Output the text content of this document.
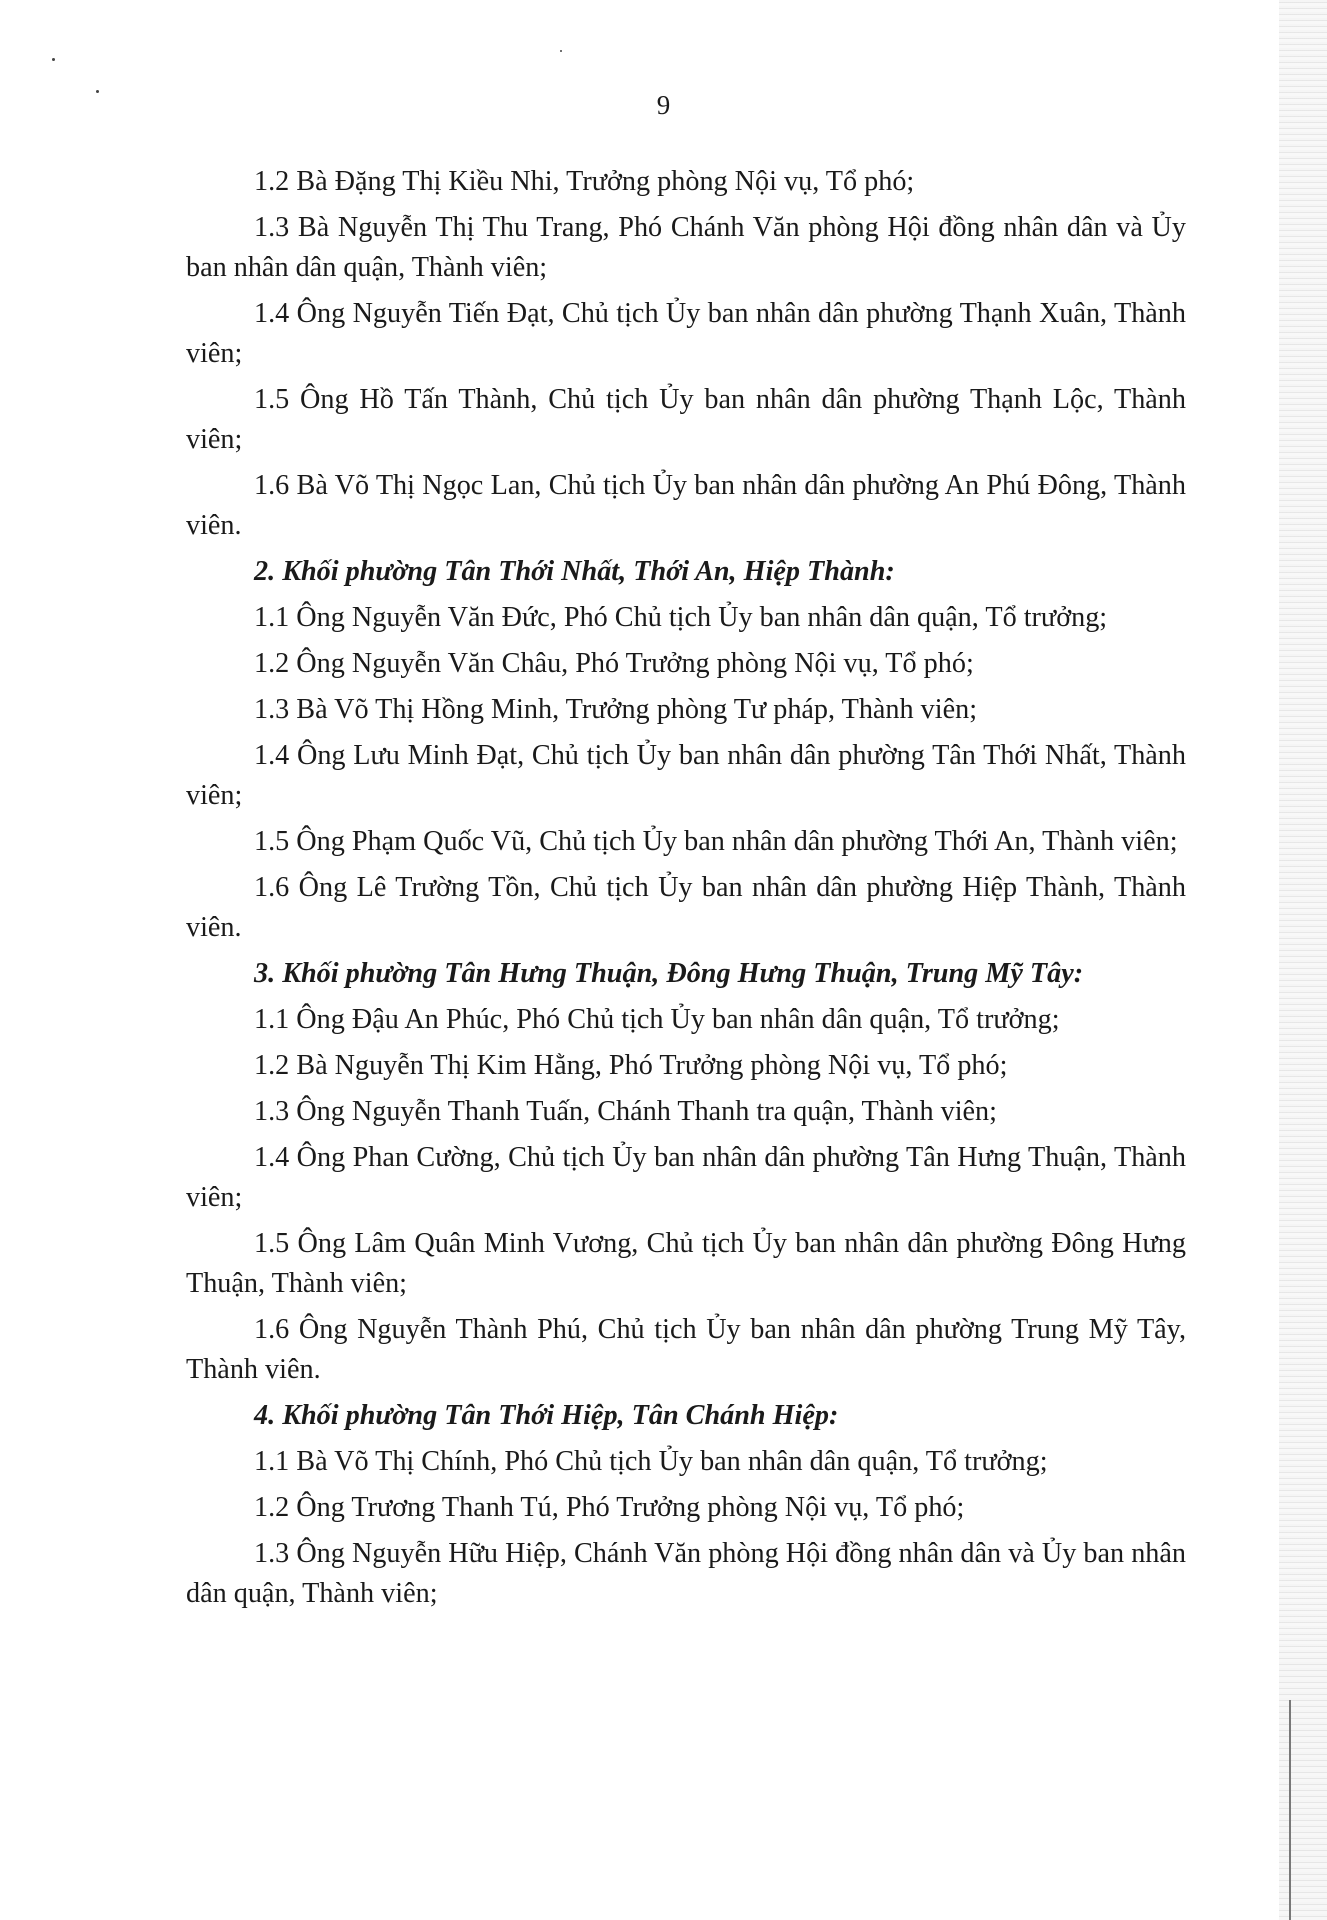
9
1.2 Bà Đặng Thị Kiều Nhi, Trưởng phòng Nội vụ, Tổ phó;
1.3 Bà Nguyễn Thị Thu Trang, Phó Chánh Văn phòng Hội đồng nhân dân và Ủy ban nhân dân quận, Thành viên;
1.4 Ông Nguyễn Tiến Đạt, Chủ tịch Ủy ban nhân dân phường Thạnh Xuân, Thành viên;
1.5 Ông Hồ Tấn Thành, Chủ tịch Ủy ban nhân dân phường Thạnh Lộc, Thành viên;
1.6 Bà Võ Thị Ngọc Lan, Chủ tịch Ủy ban nhân dân phường An Phú Đông, Thành viên.
2. Khối phường Tân Thới Nhất, Thới An, Hiệp Thành:
1.1 Ông Nguyễn Văn Đức, Phó Chủ tịch Ủy ban nhân dân quận, Tổ trưởng;
1.2 Ông Nguyễn Văn Châu, Phó Trưởng phòng Nội vụ, Tổ phó;
1.3 Bà Võ Thị Hồng Minh, Trưởng phòng Tư pháp, Thành viên;
1.4 Ông Lưu Minh Đạt, Chủ tịch Ủy ban nhân dân phường Tân Thới Nhất, Thành viên;
1.5 Ông Phạm Quốc Vũ, Chủ tịch Ủy ban nhân dân phường Thới An, Thành viên;
1.6 Ông Lê Trường Tồn, Chủ tịch Ủy ban nhân dân phường Hiệp Thành, Thành viên.
3. Khối phường Tân Hưng Thuận, Đông Hưng Thuận, Trung Mỹ Tây:
1.1 Ông Đậu An Phúc, Phó Chủ tịch Ủy ban nhân dân quận, Tổ trưởng;
1.2 Bà Nguyễn Thị Kim Hằng, Phó Trưởng phòng Nội vụ, Tổ phó;
1.3 Ông Nguyễn Thanh Tuấn, Chánh Thanh tra quận, Thành viên;
1.4 Ông Phan Cường, Chủ tịch Ủy ban nhân dân phường Tân Hưng Thuận, Thành viên;
1.5 Ông Lâm Quân Minh Vương, Chủ tịch Ủy ban nhân dân phường Đông Hưng Thuận, Thành viên;
1.6 Ông Nguyễn Thành Phú, Chủ tịch Ủy ban nhân dân phường Trung Mỹ Tây, Thành viên.
4. Khối phường Tân Thới Hiệp, Tân Chánh Hiệp:
1.1 Bà Võ Thị Chính, Phó Chủ tịch Ủy ban nhân dân quận, Tổ trưởng;
1.2 Ông Trương Thanh Tú, Phó Trưởng phòng Nội vụ, Tổ phó;
1.3 Ông Nguyễn Hữu Hiệp, Chánh Văn phòng Hội đồng nhân dân và Ủy ban nhân dân quận, Thành viên;
